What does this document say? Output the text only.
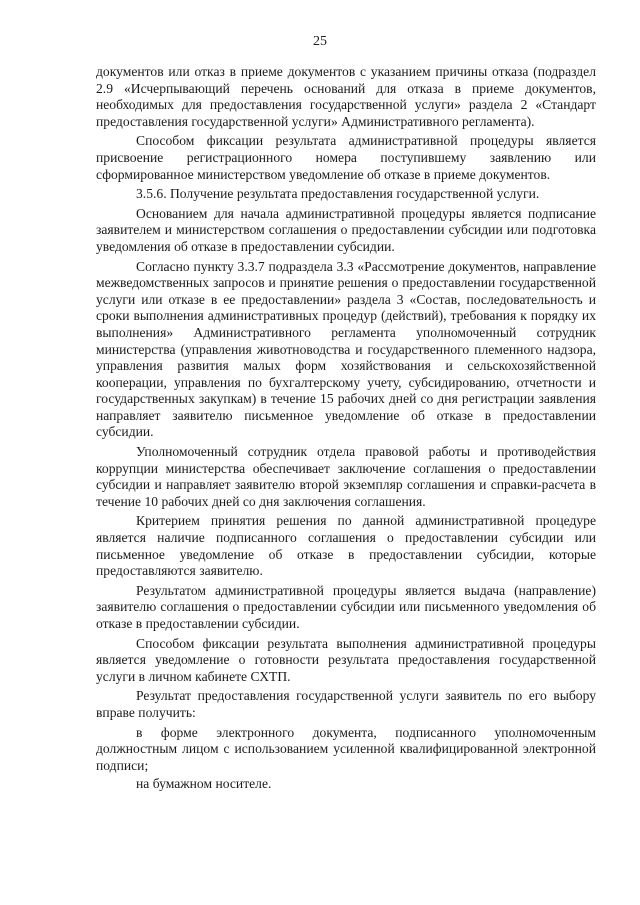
25

документов или отказ в приеме документов с указанием причины отказа (подраздел 2.9 «Исчерпывающий перечень оснований для отказа в приеме документов, необходимых для предоставления государственной услуги» раздела 2 «Стандарт предоставления государственной услуги» Административного регламента).

Способом фиксации результата административной процедуры является присвоение регистрационного номера поступившему заявлению или сформированное министерством уведомление об отказе в приеме документов.

3.5.6. Получение результата предоставления государственной услуги.

Основанием для начала административной процедуры является подписание заявителем и министерством соглашения о предоставлении субсидии или подготовка уведомления об отказе в предоставлении субсидии.

Согласно пункту 3.3.7 подраздела 3.3 «Рассмотрение документов, направление межведомственных запросов и принятие решения о предоставлении государственной услуги или отказе в ее предоставлении» раздела 3 «Состав, последовательность и сроки выполнения административных процедур (действий), требования к порядку их выполнения» Административного регламента уполномоченный сотрудник министерства (управления животноводства и государственного племенного надзора, управления развития малых форм хозяйствования и сельскохозяйственной кооперации, управления по бухгалтерскому учету, субсидированию, отчетности и государственных закупкам) в течение 15 рабочих дней со дня регистрации заявления направляет заявителю письменное уведомление об отказе в предоставлении субсидии.

Уполномоченный сотрудник отдела правовой работы и противодействия коррупции министерства обеспечивает заключение соглашения о предоставлении субсидии и направляет заявителю второй экземпляр соглашения и справки-расчета в течение 10 рабочих дней со дня заключения соглашения.

Критерием принятия решения по данной административной процедуре является наличие подписанного соглашения о предоставлении субсидии или письменное уведомление об отказе в предоставлении субсидии, которые предоставляются заявителю.

Результатом административной процедуры является выдача (направление) заявителю соглашения о предоставлении субсидии или письменного уведомления об отказе в предоставлении субсидии.

Способом фиксации результата выполнения административной процедуры является уведомление о готовности результата предоставления государственной услуги в личном кабинете СХТП.

Результат предоставления государственной услуги заявитель по его выбору вправе получить:

в форме электронного документа, подписанного уполномоченным должностным лицом с использованием усиленной квалифицированной электронной подписи;

на бумажном носителе.
